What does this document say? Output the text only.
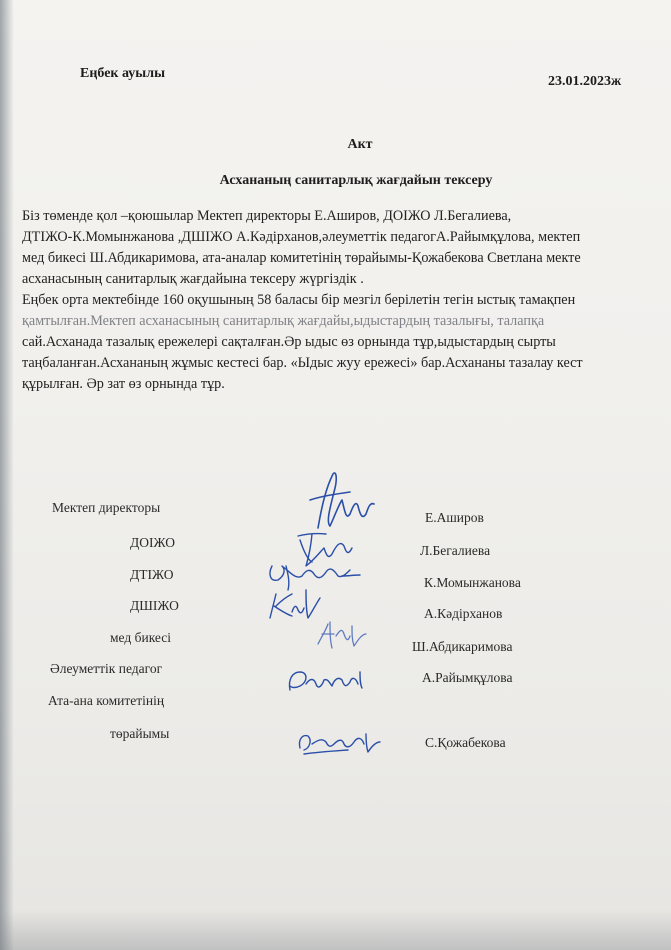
Еңбек ауылы
23.01.2023ж
Акт
Асхананың санитарлық жағдайын тексеру
Біз төменде қол –қоюшылар Мектеп директоры Е.Аширов, ДОІЖО Л.Бегалиева,
ДТІЖО-К.Момынжанова ,ДШІЖО А.Кәдірханов,әлеуметтік педагогА.Райымқұлова, мектеп
мед бикесі Ш.Абдикаримова, ата-аналар комитетінің төрайымы-Қожабекова Светлана мекте
асханасының санитарлық жағдайына тексеру жүргіздік .
Еңбек орта мектебінде 160 оқушының 58 баласы бір мезгіл берілетін тегін ыстық тамақпен
қамтылған.Мектеп асханасының санитарлық жағдайы,ыдыстардың тазалығы, талапқа
сай.Асханада тазалық ережелері сақталған.Әр ыдыс өз орнында тұр,ыдыстардың сырты
таңбаланған.Асхананың жұмыс кестесі бар. «Ыдыс жуу ережесі» бар.Асхананы тазалау кест
құрылған. Әр зат өз орнында тұр.
Мектеп директоры
ДОІЖО
ДТІЖО
ДШІЖО
мед бикесі
Әлеуметтік педагог
Ата-ана комитетінің
төрайымы
Е.Аширов
Л.Бегалиева
К.Момынжанова
А.Кәдірханов
Ш.Абдикаримова
А.Райымқұлова
С.Қожабекова
